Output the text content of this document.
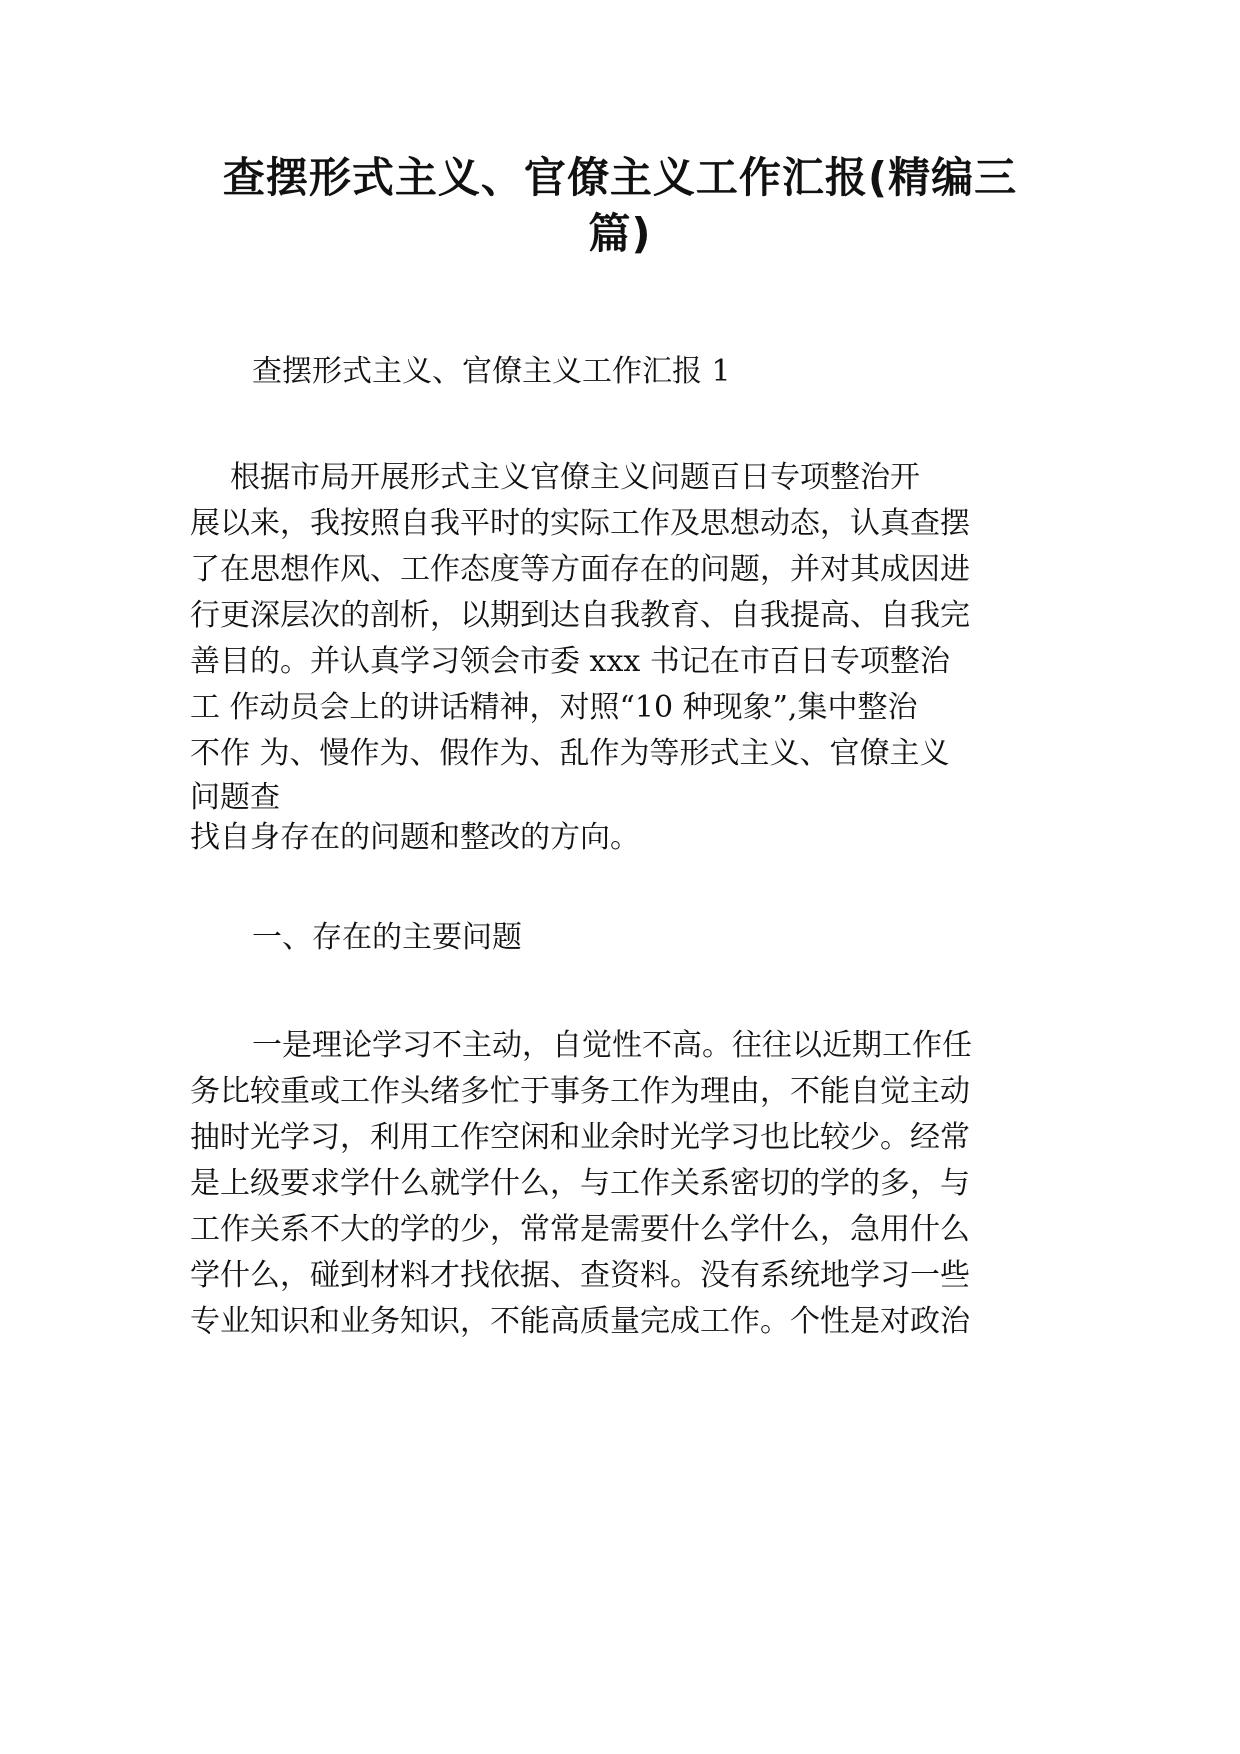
查摆形式主义、官僚主义工作汇报(精编三
篇)

查摆形式主义、官僚主义工作汇报 1

根据市局开展形式主义官僚主义问题百日专项整治开

展以来，我按照自我平时的实际工作及思想动态，认真查摆

了在思想作风、工作态度等方面存在的问题，并对其成因进

行更深层次的剖析，以期到达自我教育、自我提高、自我完

善目的。并认真学习领会市委 xxx 书记在市百日专项整治

工 作动员会上的讲话精神，对照“10 种现象”,集中整治

不作 为、慢作为、假作为、乱作为等形式主义、官僚主义

问题查

找自身存在的问题和整改的方向。

一、存在的主要问题

一是理论学习不主动，自觉性不高。往往以近期工作任

务比较重或工作头绪多忙于事务工作为理由，不能自觉主动

抽时光学习，利用工作空闲和业余时光学习也比较少。经常

是上级要求学什么就学什么，与工作关系密切的学的多，与

工作关系不大的学的少，常常是需要什么学什么，急用什么

学什么，碰到材料才找依据、查资料。没有系统地学习一些

专业知识和业务知识，不能高质量完成工作。个性是对政治
